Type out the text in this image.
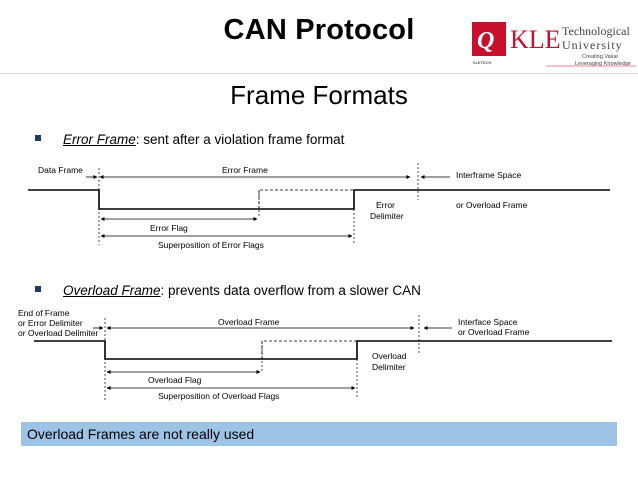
CAN Protocol	Q
KLETECH
KLE Technological
University
Creating Value
Leveraging Knowledge
Frame Formats
Error Frame: sent after a violation frame format
Overload Frame: prevents data overflow from a slower CAN
Data Frame	Error Frame	Interframe Space
Error
Delimiter
or Overload Frame
Error Flag
Superposition of Error Flags
End of Frame
or Error Delimiter
or Overload Delimiter
Overload Frame	Interface Space
or Overload Frame
Overload
Delimiter
Overload Flag
Superposition of Overload Flags
Overload Frames are not really used
